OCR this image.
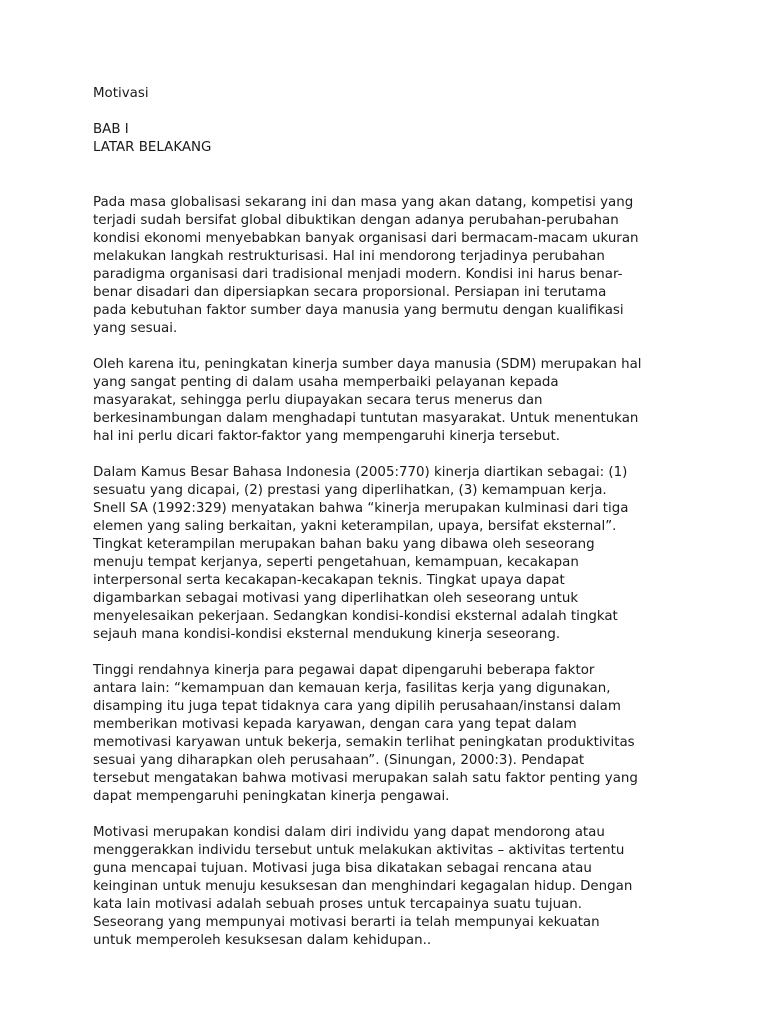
Motivasi

BAB I
LATAR BELAKANG

Pada masa globalisasi sekarang ini dan masa yang akan datang, kompetisi yang
terjadi sudah bersifat global dibuktikan dengan adanya perubahan-perubahan
kondisi ekonomi menyebabkan banyak organisasi dari bermacam-macam ukuran
melakukan langkah restrukturisasi. Hal ini mendorong terjadinya perubahan
paradigma organisasi dari tradisional menjadi modern. Kondisi ini harus benar-
benar disadari dan dipersiapkan secara proporsional. Persiapan ini terutama
pada kebutuhan faktor sumber daya manusia yang bermutu dengan kualifikasi
yang sesuai.

Oleh karena itu, peningkatan kinerja sumber daya manusia (SDM) merupakan hal
yang sangat penting di dalam usaha memperbaiki pelayanan kepada
masyarakat, sehingga perlu diupayakan secara terus menerus dan
berkesinambungan dalam menghadapi tuntutan masyarakat. Untuk menentukan
hal ini perlu dicari faktor-faktor yang mempengaruhi kinerja tersebut.

Dalam Kamus Besar Bahasa Indonesia (2005:770) kinerja diartikan sebagai: (1)
sesuatu yang dicapai, (2) prestasi yang diperlihatkan, (3) kemampuan kerja.
Snell SA (1992:329) menyatakan bahwa “kinerja merupakan kulminasi dari tiga
elemen yang saling berkaitan, yakni keterampilan, upaya, bersifat eksternal”.
Tingkat keterampilan merupakan bahan baku yang dibawa oleh seseorang
menuju tempat kerjanya, seperti pengetahuan, kemampuan, kecakapan
interpersonal serta kecakapan-kecakapan teknis. Tingkat upaya dapat
digambarkan sebagai motivasi yang diperlihatkan oleh seseorang untuk
menyelesaikan pekerjaan. Sedangkan kondisi-kondisi eksternal adalah tingkat
sejauh mana kondisi-kondisi eksternal mendukung kinerja seseorang.

Tinggi rendahnya kinerja para pegawai dapat dipengaruhi beberapa faktor
antara lain: “kemampuan dan kemauan kerja, fasilitas kerja yang digunakan,
disamping itu juga tepat tidaknya cara yang dipilih perusahaan/instansi dalam
memberikan motivasi kepada karyawan, dengan cara yang tepat dalam
memotivasi karyawan untuk bekerja, semakin terlihat peningkatan produktivitas
sesuai yang diharapkan oleh perusahaan”. (Sinungan, 2000:3). Pendapat
tersebut mengatakan bahwa motivasi merupakan salah satu faktor penting yang
dapat mempengaruhi peningkatan kinerja pengawai.

Motivasi merupakan kondisi dalam diri individu yang dapat mendorong atau
menggerakkan individu tersebut untuk melakukan aktivitas – aktivitas tertentu
guna mencapai tujuan. Motivasi juga bisa dikatakan sebagai rencana atau
keinginan untuk menuju kesuksesan dan menghindari kegagalan hidup. Dengan
kata lain motivasi adalah sebuah proses untuk tercapainya suatu tujuan.
Seseorang yang mempunyai motivasi berarti ia telah mempunyai kekuatan
untuk memperoleh kesuksesan dalam kehidupan..
